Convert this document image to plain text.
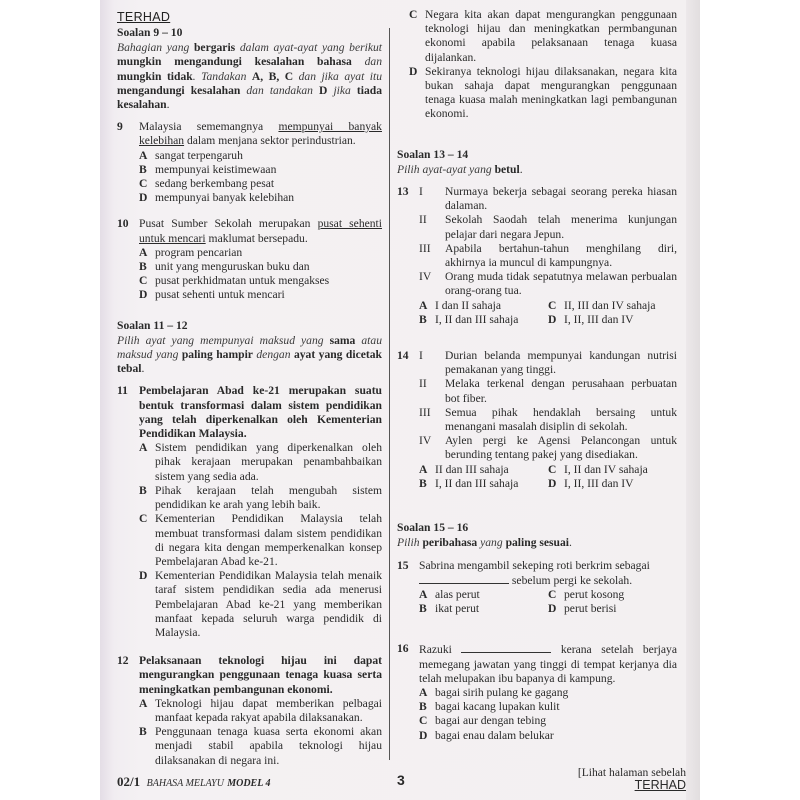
TERHAD

Soalan 9 – 10

Bahagian yang bergaris dalam ayat-ayat yang berikut mungkin mengandungi kesalahan bahasa dan mungkin tidak. Tandakan A, B, C dan jika ayat itu mengandungi kesalahan dan tandakan D jika tiada kesalahan.

9	Malaysia sememangnya mempunyai banyak kelebihan dalam menjana sektor perindustrian.
A sangat terpengaruh
B mempunyai keistimewaan
C sedang berkembang pesat
D mempunyai banyak kelebihan
10 Pusat Sumber Sekolah merupakan pusat sehenti untuk mencari maklumat bersepadu.
A program pencarian
B unit yang menguruskan buku dan
C pusat perkhidmatan untuk mengakses
D pusat sehenti untuk mencari

Soalan 11 – 12

Pilih ayat yang mempunyai maksud yang sama atau maksud yang paling hampir dengan ayat yang dicetak tebal.

11 Pembelajaran Abad ke-21 merupakan suatu bentuk transformasi dalam sistem pendidikan yang telah diperkenalkan oleh Kementerian Pendidikan Malaysia.
A Sistem pendidikan yang diperkenalkan oleh pihak kerajaan merupakan penambahbaikan sistem yang sedia ada.
B Pihak kerajaan telah mengubah sistem pendidikan ke arah yang lebih baik.
C Kementerian Pendidikan Malaysia telah membuat transformasi dalam sistem pendidikan di negara kita dengan memperkenalkan konsep Pembelajaran Abad ke-21.
D Kementerian Pendidikan Malaysia telah menaik taraf sistem pendidikan sedia ada menerusi Pembelajaran Abad ke-21 yang memberikan manfaat kepada seluruh warga pendidik di Malaysia.
12 Pelaksanaan teknologi hijau ini dapat mengurangkan penggunaan tenaga kuasa serta meningkatkan pembangunan ekonomi.
A Teknologi hijau dapat memberikan pelbagai manfaat kepada rakyat apabila dilaksanakan.
B Penggunaan tenaga kuasa serta ekonomi akan menjadi stabil apabila teknologi hijau dilaksanakan di negara ini.
C Negara kita akan dapat mengurangkan penggunaan teknologi hijau dan meningkatkan permbangunan ekonomi apabila pelaksanaan tenaga kuasa dijalankan.
D Sekiranya teknologi hijau dilaksanakan, negara kita bukan sahaja dapat mengurangkan penggunaan tenaga kuasa malah meningkatkan lagi pembangunan ekonomi.

Soalan 13 – 14

Pilih ayat-ayat yang betul.

13 I	Nurmaya bekerja sebagai seorang pereka hiasan dalaman.
II	Sekolah Saodah telah menerima kunjungan pelajar dari negara Jepun.
III	Apabila bertahun-tahun menghilang diri, akhirnya ia muncul di kampungnya.
IV	Orang muda tidak sepatutnya melawan perbualan orang-orang tua.
A I dan II sahaja	C II, III dan IV sahaja
B I, II dan III sahaja	D I, II, III dan IV
14 I	Durian belanda mempunyai kandungan nutrisi pemakanan yang tinggi.
II	Melaka terkenal dengan perusahaan perbuatan bot fiber.
III	Semua pihak hendaklah bersaing untuk menangani masalah disiplin di sekolah.
IV	Aylen pergi ke Agensi Pelancongan untuk berunding tentang pakej yang disediakan.
A II dan III sahaja	C I, II dan IV sahaja
B I, II dan III sahaja	D I, II, III dan IV

Soalan 15 – 16

Pilih peribahasa yang paling sesuai.

15 Sabrina mengambil sekeping roti berkrim sebagai
sebelum pergi ke sekolah.
A alas perut	C perut kosong
B ikat perut	D perut berisi
16 Razuki	kerana setelah berjaya memegang jawatan yang tinggi di tempat kerjanya dia telah melupakan ibu bapanya di kampung.
A bagai sirih pulang ke gagang
B bagai kacang lupakan kulit
C bagai aur dengan tebing
D bagai enau dalam belukar
02/1 BAHASA MELAYU MODEL 4	3	[Lihat halaman sebelah
TERHAD
